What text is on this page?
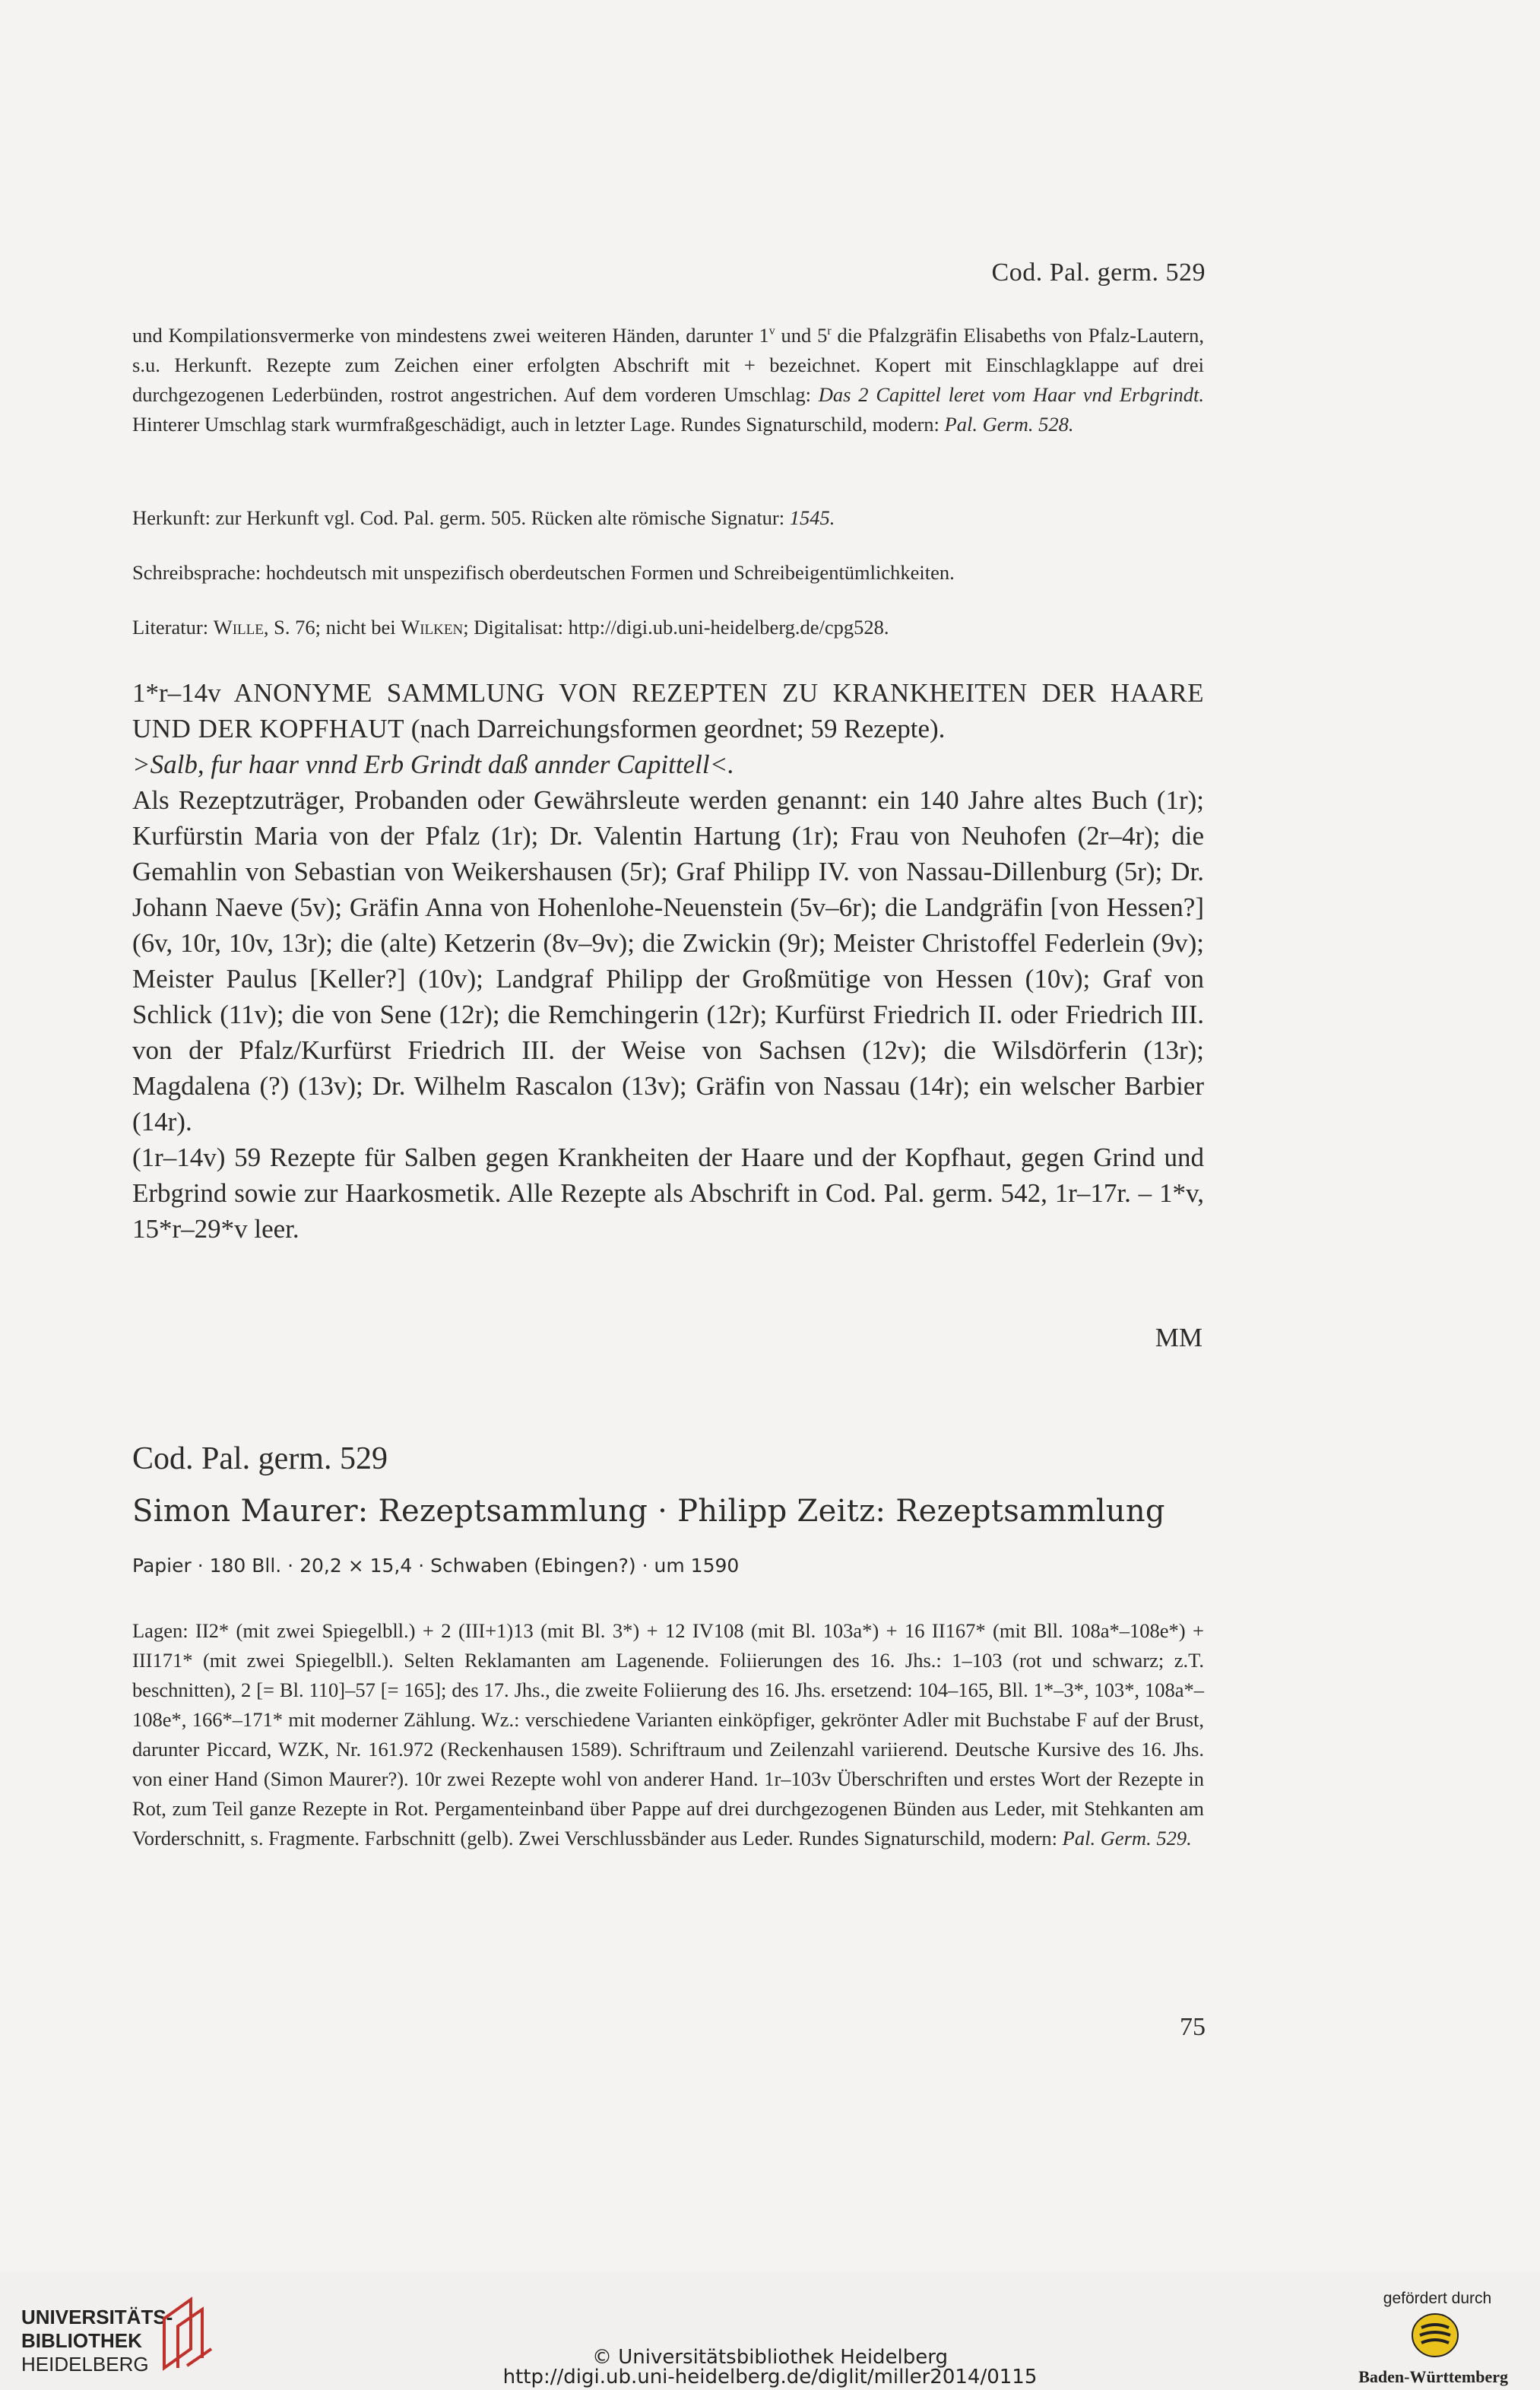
Cod. Pal. germ. 529

und Kompilationsvermerke von mindestens zwei weiteren Händen, darunter 1$^v$ und 5$^r$ die Pfalzgräfin Elisabeths von Pfalz-Lautern, s.u. Herkunft. Rezepte zum Zeichen einer erfolgten Abschrift mit + bezeichnet. Kopert mit Einschlagklappe auf drei durchgezogenen Lederbünden, rostrot angestrichen. Auf dem vorderen Umschlag: Das 2 Capittel leret vom Haar vnd Erbgrindt. Hinterer Umschlag stark wurmfraßgeschädigt, auch in letzter Lage. Rundes Signaturschild, modern: Pal. Germ. 528.

Herkunft: zur Herkunft vgl. Cod. Pal. germ. 505. Rücken alte römische Signatur: 1545.

Schreibsprache: hochdeutsch mit unspezifisch oberdeutschen Formen und Schreibeigentümlichkeiten.

Literatur: Wille, S. 76; nicht bei Wilken; Digitalisat: http://digi.ub.uni-heidelberg.de/cpg528.

1*r–14v ANONYME SAMMLUNG VON REZEPTEN ZU KRANKHEITEN DER HAARE UND DER KOPFHAUT (nach Darreichungsformen geordnet; 59 Rezepte).

>Salb, fur haar vnnd Erb Grindt daß annder Capittell<.

Als Rezeptzuträger, Probanden oder Gewährsleute werden genannt: ein 140 Jahre altes Buch (1r); Kurfürstin Maria von der Pfalz (1r); Dr. Valentin Hartung (1r); Frau von Neuhofen (2r–4r); die Gemahlin von Sebastian von Weikershausen (5r); Graf Philipp IV. von Nassau-Dillenburg (5r); Dr. Johann Naeve (5v); Gräfin Anna von Hohenlohe-Neuenstein (5v–6r); die Landgräfin [von Hessen?] (6v, 10r, 10v, 13r); die (alte) Ketzerin (8v–9v); die Zwickin (9r); Meister Christoffel Federlein (9v); Meister Paulus [Keller?] (10v); Landgraf Philipp der Großmütige von Hessen (10v); Graf von Schlick (11v); die von Sene (12r); die Remchingerin (12r); Kurfürst Friedrich II. oder Friedrich III. von der Pfalz/Kurfürst Friedrich III. der Weise von Sachsen (12v); die Wilsdörferin (13r); Magdalena (?) (13v); Dr. Wilhelm Rascalon (13v); Gräfin von Nassau (14r); ein welscher Barbier (14r).

(1r–14v) 59 Rezepte für Salben gegen Krankheiten der Haare und der Kopfhaut, gegen Grind und Erbgrind sowie zur Haarkosmetik. Alle Rezepte als Abschrift in Cod. Pal. germ. 542, 1r–17r. – 1*v, 15*r–29*v leer.

MM
Cod. Pal. germ. 529
Simon Maurer: Rezeptsammlung · Philipp Zeitz: Rezeptsammlung
Papier · 180 Bll. · 20,2 × 15,4 · Schwaben (Ebingen?) · um 1590

Lagen: II2* (mit zwei Spiegelbll.) + 2 (III+1)13 (mit Bl. 3*) + 12 IV108 (mit Bl. 103a*) + 16 II167* (mit Bll. 108a*–108e*) + III171* (mit zwei Spiegelbll.). Selten Reklamanten am Lagenende. Foliierungen des 16. Jhs.: 1–103 (rot und schwarz; z.T. beschnitten), 2 [= Bl. 110]–57 [= 165]; des 17. Jhs., die zweite Foliierung des 16. Jhs. ersetzend: 104–165, Bll. 1*–3*, 103*, 108a*–108e*, 166*–171* mit moderner Zählung. Wz.: verschiedene Varianten einköpfiger, gekrönter Adler mit Buchstabe F auf der Brust, darunter Piccard, WZK, Nr. 161.972 (Reckenhausen 1589). Schriftraum und Zeilenzahl variierend. Deutsche Kursive des 16. Jhs. von einer Hand (Simon Maurer?). 10r zwei Rezepte wohl von anderer Hand. 1r–103v Überschriften und erstes Wort der Rezepte in Rot, zum Teil ganze Rezepte in Rot. Pergamenteinband über Pappe auf drei durchgezogenen Bünden aus Leder, mit Stehkanten am Vorderschnitt, s. Fragmente. Farbschnitt (gelb). Zwei Verschlussbänder aus Leder. Rundes Signaturschild, modern: Pal. Germ. 529.

75
UNIVERSITÄTS-
BIBLIOTHEK
HEIDELBERG	© Universitätsbibliothek Heidelberg
http://digi.ub.uni-heidelberg.de/diglit/miller2014/0115
gefördert durch
Baden-Württemberg
